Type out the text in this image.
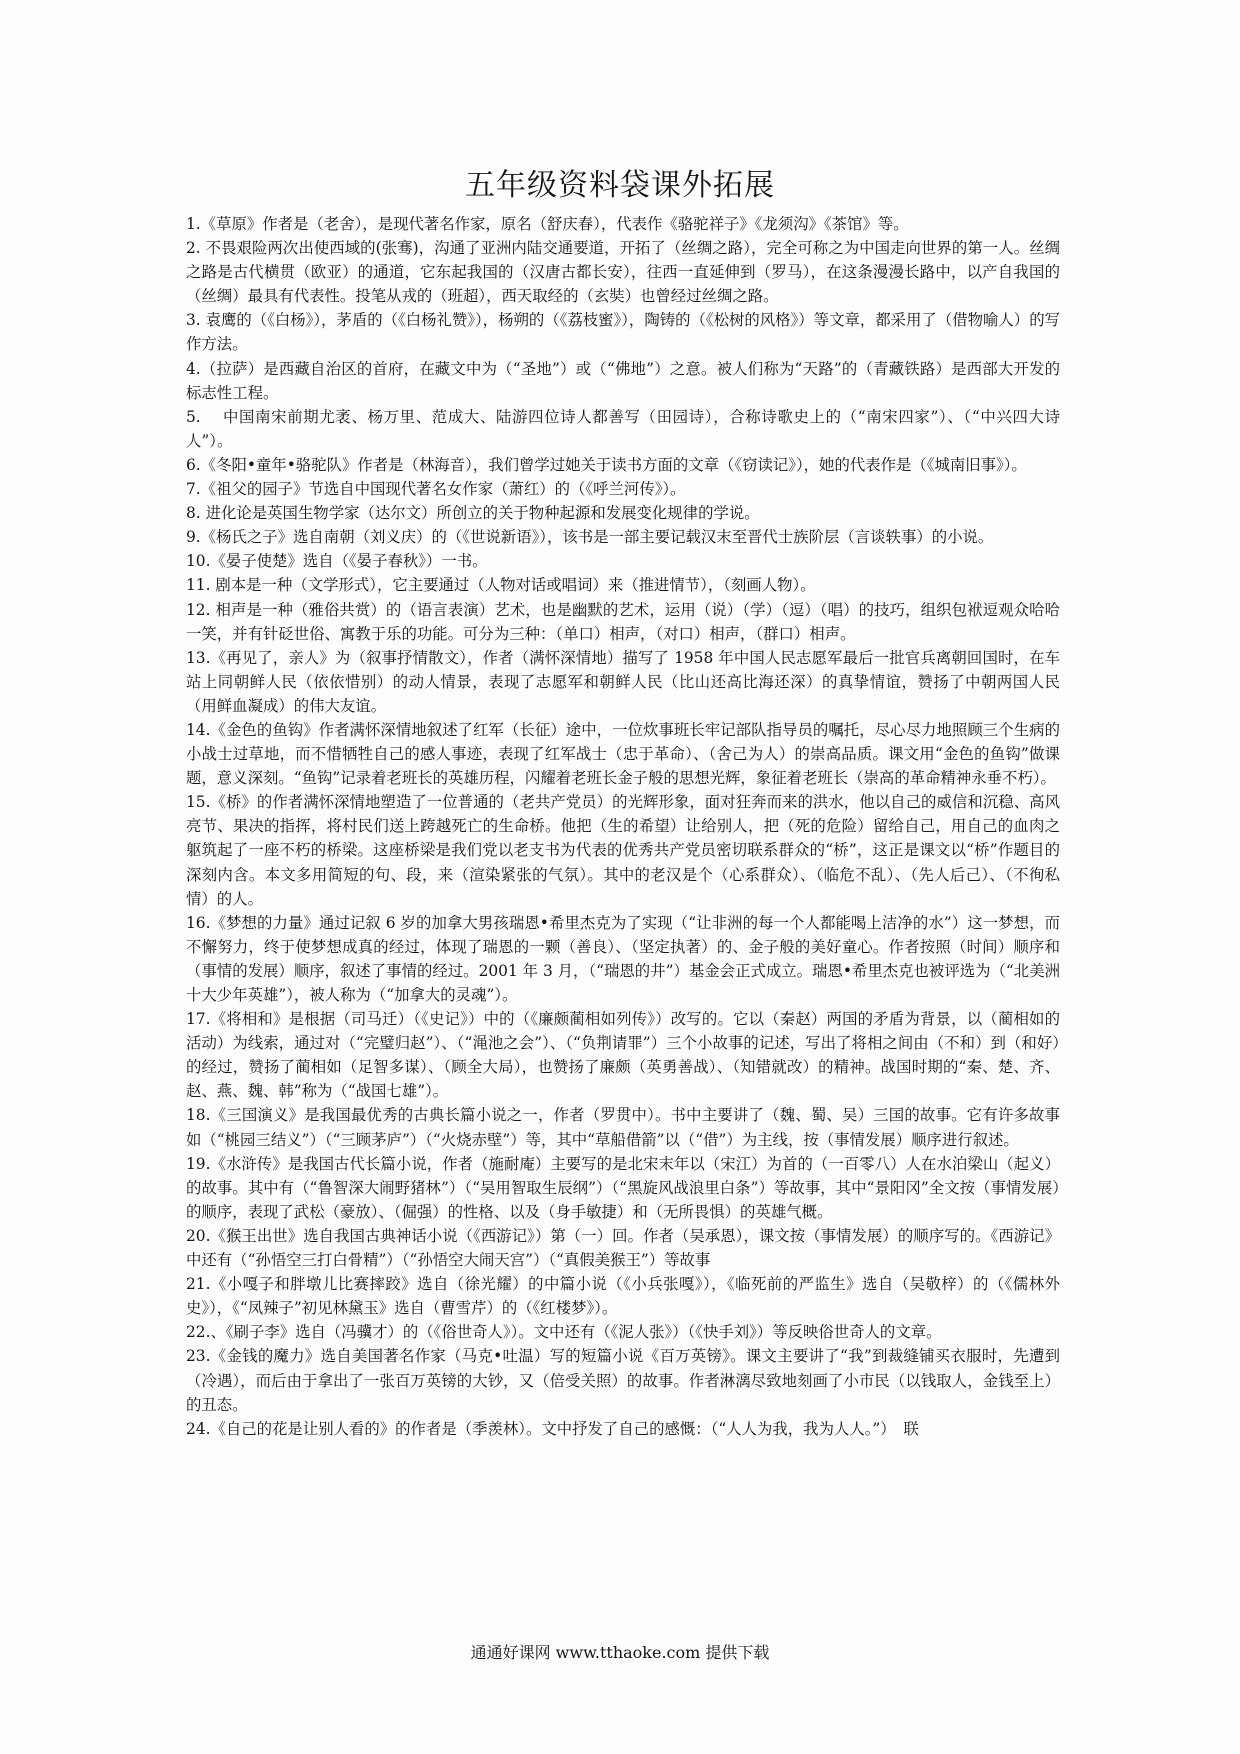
五年级资料袋课外拓展

1.《草原》作者是（老舍），是现代著名作家，原名（舒庆春），代表作《骆驼祥子》《龙须沟》《茶馆》等。

2. 不畏艰险两次出使西域的(张骞)，沟通了亚洲内陆交通要道，开拓了（丝绸之路），完全可称之为中国走向世界的第一人。丝绸之路是古代横贯（欧亚）的通道，它东起我国的（汉唐古都长安），往西一直延伸到（罗马），在这条漫漫长路中，以产自我国的（丝绸）最具有代表性。投笔从戎的（班超），西天取经的（玄奘）也曾经过丝绸之路。

3. 袁鹰的（《白杨》），茅盾的（《白杨礼赞》），杨朔的（《荔枝蜜》），陶铸的（《松树的风格》）等文章，都采用了（借物喻人）的写作方法。

4.（拉萨）是西藏自治区的首府，在藏文中为（“圣地”）或（“佛地”）之意。被人们称为“天路”的（青藏铁路）是西部大开发的标志性工程。

5.　 中国南宋前期尤袤、杨万里、范成大、陆游四位诗人都善写（田园诗），合称诗歌史上的（“南宋四家”）、（“中兴四大诗人”）。

6.《冬阳•童年•骆驼队》作者是（林海音），我们曾学过她关于读书方面的文章（《窃读记》），她的代表作是（《城南旧事》）。

7.《祖父的园子》节选自中国现代著名女作家（萧红）的（《呼兰河传》）。

8. 进化论是英国生物学家（达尔文）所创立的关于物种起源和发展变化规律的学说。

9.《杨氏之子》选自南朝（刘义庆）的（《世说新语》），该书是一部主要记载汉末至晋代士族阶层（言谈轶事）的小说。

10.《晏子使楚》选自（《晏子春秋》）一书。

11. 剧本是一种（文学形式），它主要通过（人物对话或唱词）来（推进情节），（刻画人物）。

12. 相声是一种（雅俗共赏）的（语言表演）艺术，也是幽默的艺术，运用（说）（学）（逗）（唱）的技巧，组织包袱逗观众哈哈一笑，并有针砭世俗、寓教于乐的功能。可分为三种：（单口）相声，（对口）相声，（群口）相声。

13.《再见了，亲人》为（叙事抒情散文），作者（满怀深情地）描写了 1958 年中国人民志愿军最后一批官兵离朝回国时，在车站上同朝鲜人民（依依惜别）的动人情景，表现了志愿军和朝鲜人民（比山还高比海还深）的真挚情谊，赞扬了中朝两国人民（用鲜血凝成）的伟大友谊。

14.《金色的鱼钩》作者满怀深情地叙述了红军（长征）途中，一位炊事班长牢记部队指导员的嘱托，尽心尽力地照顾三个生病的小战士过草地，而不惜牺牲自己的感人事迹，表现了红军战士（忠于革命）、（舍己为人）的崇高品质。课文用“金色的鱼钩”做课题，意义深刻。“鱼钩”记录着老班长的英雄历程，闪耀着老班长金子般的思想光辉，象征着老班长（崇高的革命精神永垂不朽）。

15.《桥》的作者满怀深情地塑造了一位普通的（老共产党员）的光辉形象，面对狂奔而来的洪水，他以自己的威信和沉稳、高风亮节、果决的指挥，将村民们送上跨越死亡的生命桥。他把（生的希望）让给别人，把（死的危险）留给自己，用自己的血肉之躯筑起了一座不朽的桥梁。这座桥梁是我们党以老支书为代表的优秀共产党员密切联系群众的“桥”，这正是课文以“桥”作题目的深刻内含。本文多用简短的句、段，来（渲染紧张的气氛）。其中的老汉是个（心系群众）、（临危不乱）、（先人后己）、（不徇私情）的人。

16.《梦想的力量》通过记叙 6 岁的加拿大男孩瑞恩•希里杰克为了实现（“让非洲的每一个人都能喝上洁净的水”）这一梦想，而不懈努力，终于使梦想成真的经过，体现了瑞恩的一颗（善良）、（坚定执著）的、金子般的美好童心。作者按照（时间）顺序和（事情的发展）顺序，叙述了事情的经过。2001 年 3 月，（“瑞恩的井”）基金会正式成立。瑞恩•希里杰克也被评选为（“北美洲十大少年英雄”），被人称为（“加拿大的灵魂”）。

17.《将相和》是根据（司马迁）（《史记》）中的（《廉颇蔺相如列传》）改写的。它以（秦赵）两国的矛盾为背景，以（蔺相如的活动）为线索，通过对（“完璧归赵”）、（“渑池之会”）、（“负荆请罪”）三个小故事的记述，写出了将相之间由（不和）到（和好）的经过，赞扬了蔺相如（足智多谋）、（顾全大局），也赞扬了廉颇（英勇善战）、（知错就改）的精神。战国时期的“秦、楚、齐、赵、燕、魏、韩”称为（“战国七雄”）。

18.《三国演义》是我国最优秀的古典长篇小说之一，作者（罗贯中）。书中主要讲了（魏、蜀、吴）三国的故事。它有许多故事如（“桃园三结义”）（“三顾茅庐”）（“火烧赤壁”）等，其中“草船借箭”以（“借”）为主线，按（事情发展）顺序进行叙述。

19.《水浒传》是我国古代长篇小说，作者（施耐庵）主要写的是北宋末年以（宋江）为首的（一百零八）人在水泊梁山（起义）的故事。其中有（“鲁智深大闹野猪林”）（“吴用智取生辰纲”）（“黑旋风战浪里白条”）等故事，其中“景阳冈”全文按（事情发展）的顺序，表现了武松（豪放）、（倔强）的性格、以及（身手敏捷）和（无所畏惧）的英雄气概。

20.《猴王出世》选自我国古典神话小说（《西游记》）第（一）回。作者（吴承恩），课文按（事情发展）的顺序写的。《西游记》中还有（“孙悟空三打白骨精”）（“孙悟空大闹天宫”）（“真假美猴王”）等故事

21.《小嘎子和胖墩儿比赛摔跤》选自（徐光耀）的中篇小说（《小兵张嘎》），《临死前的严监生》选自（吴敬梓）的（《儒林外史》），《“凤辣子”初见林黛玉》选自（曹雪芹）的（《红楼梦》）。

22.、《刷子李》选自（冯骥才）的（《俗世奇人》）。文中还有（《泥人张》）（《快手刘》）等反映俗世奇人的文章。

23.《金钱的魔力》选自美国著名作家（马克•吐温）写的短篇小说《百万英镑》。课文主要讲了“我”到裁缝铺买衣服时，先遭到（冷遇），而后由于拿出了一张百万英镑的大钞，又（倍受关照）的故事。作者淋漓尽致地刻画了小市民（以钱取人，金钱至上）的丑态。

24.《自己的花是让别人看的》的作者是（季羡林）。文中抒发了自己的感慨：（“人人为我，我为人人。”）　联

通通好课网 www.tthaoke.com 提供下载
